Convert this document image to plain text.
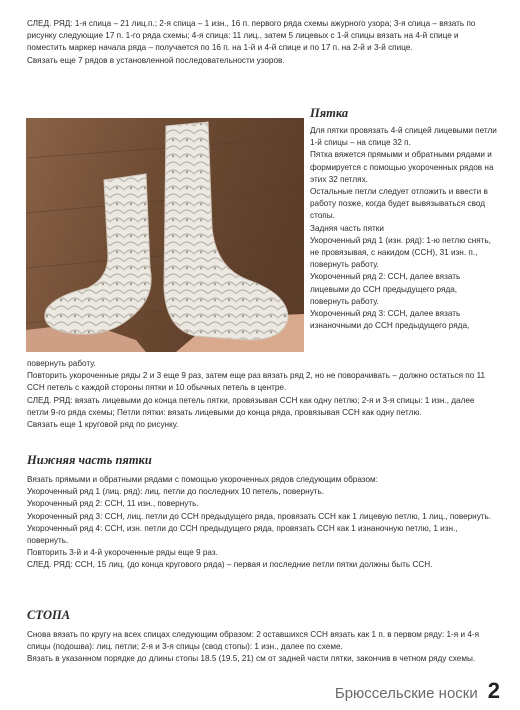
СЛЕД. РЯД: 1-я спица – 21 лиц.п.; 2-я спица – 1 изн., 16 п. первого ряда схемы ажурного узора; 3-я спица – вязать по рисунку следующие 17 п. 1-го ряда схемы; 4-я спица: 11 лиц., затем 5 лицевых с 1-й спицы вязать на 4-й спице и поместить маркер начала ряда – получается по 16 п. на 1-й и 4-й спице и по 17 п. на 2-й и 3-й спице.

Связать еще 7 рядов в установленной последовательности узоров.

Пятка

Для пятки провязать 4-й спицей лицевыми петли 1-й спицы – на спице 32 п.

Пятка вяжется прямыми и обратными рядами и формируется с помощью укороченных рядов на этих 32 петлях.

Остальные петли следует отложить и ввести в работу позже, когда будет вывязываться свод стопы.

Задняя часть пятки

Укороченный ряд 1 (изн. ряд): 1-ю петлю снять, не провязывая, с накидом (ССН), 31 изн. п., повернуть работу.

Укороченный ряд 2: ССН, далее вязать лицевыми до ССН предыдущего ряда, повернуть работу.

Укороченный ряд 3: ССН, далее вязать изнаночными до ССН предыдущего ряда,

повернуть работу.

Повторить укороченные ряды 2 и 3 еще 9 раз, затем еще раз вязать ряд 2, но не поворачивать – должно остаться по 11 ССН петель с каждой стороны пятки и 10 обычных петель в центре.

СЛЕД. РЯД: вязать лицевыми до конца петель пятки, провязывая ССН как одну петлю; 2-я и 3-я спицы: 1 изн., далее петли 9-го ряда схемы; Петли пятки: вязать лицевыми до конца ряда, провязывая ССН как одну петлю.

Связать еще 1 круговой ряд по рисунку.

Нижняя часть пятки

Вязать прямыми и обратными рядами с помощью укороченных рядов следующим образом:

Укороченный ряд 1 (лиц. ряд): лиц. петли до последних 10 петель, повернуть.

Укороченный ряд 2: ССН, 11 изн., повернуть.

Укороченный ряд 3: ССН, лиц. петли до ССН предыдущего ряда, провязать ССН как 1 лицевую петлю, 1 лиц., повернуть.

Укороченный ряд 4: ССН, изн. петли до ССН предыдущего ряда, провязать ССН как 1 изнаночную петлю, 1 изн., повернуть.

Повторить 3-й и 4-й укороченные ряды еще 9 раз.

СЛЕД. РЯД: ССН, 15 лиц. (до конца кругового ряда) – первая и последние петли пятки должны быть ССН.

СТОПА

Снова вязать по кругу на всех спицах следующим образом: 2 оставшихся ССН вязать как 1 п. в первом ряду: 1-я и 4-я спицы (подошва): лиц. петли; 2-я и 3-я спицы (свод стопы): 1 изн., далее по схеме.

Вязать в указанном порядке до длины стопы 18.5 (19.5, 21) см от задней части пятки, закончив в четном ряду схемы.

Брюссельские носки 2
